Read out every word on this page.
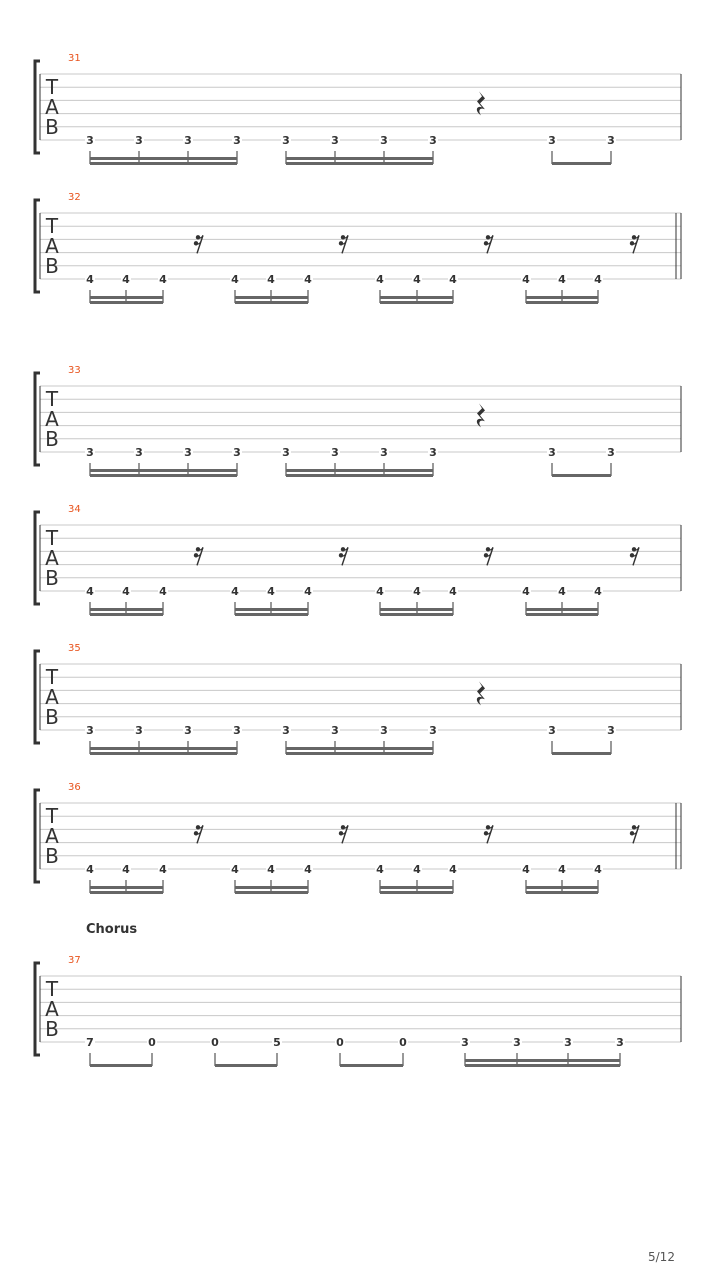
31
T
A
B
3	3	3	3	3	3	3	3	3	3
32
T
A
B
4	4	4	4	4	4	4	4	4	4	4	4
33
T
A
B
3	3	3	3	3	3	3	3	3	3
34
T
A
B
4	4	4	4	4	4	4	4	4	4	4	4
35
T
A
B
3	3	3	3	3	3	3	3	3	3
36
T
A
B
4	4	4	4	4	4	4	4	4	4	4	4
37
T
A
B
7	0	0	5	0	0	3	3	3	3
Chorus
5/12
